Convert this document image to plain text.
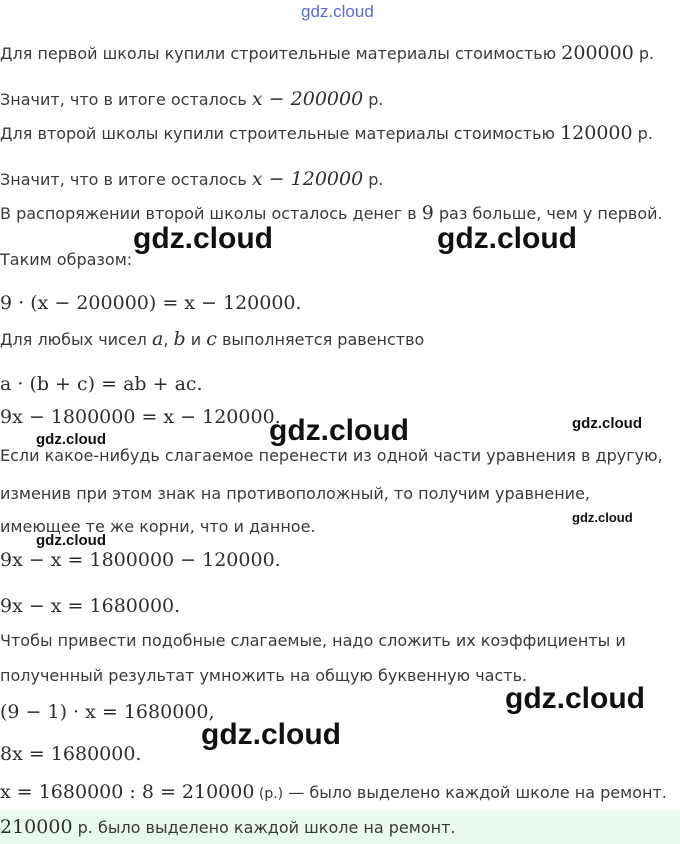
gdz.cloud
Для первой школы купили строительные материалы стоимостью 200000 р.
Значит, что в итоге осталось x − 200000 р.
Для второй школы купили строительные материалы стоимостью 120000 р.
Значит, что в итоге осталось x − 120000 р.
В распоряжении второй школы осталось денег в 9 раз больше, чем у первой.
Таким образом:
9 · (x − 200000) = x − 120000.
Для любых чисел a, b и c выполняется равенство
a · (b + c) = ab + ac.
9x − 1800000 = x − 120000.
Если какое-нибудь слагаемое перенести из одной части уравнения в другую,
изменив при этом знак на противоположный, то получим уравнение,
имеющее те же корни, что и данное.
9x − x = 1800000 − 120000.
9x − x = 1680000.
Чтобы привести подобные слагаемые, надо сложить их коэффициенты и
полученный результат умножить на общую буквенную часть.
(9 − 1) · x = 1680000,
8x = 1680000.
x = 1680000 : 8 = 210000 (р.) — было выделено каждой школе на ремонт.
210000 р. было выделено каждой школе на ремонт.
gdz.cloud	gdz.cloud
gdz.cloud	gdz.cloud
gdz.cloud
gdz.cloud
gdz.cloud
gdz.cloud
gdz.cloud
